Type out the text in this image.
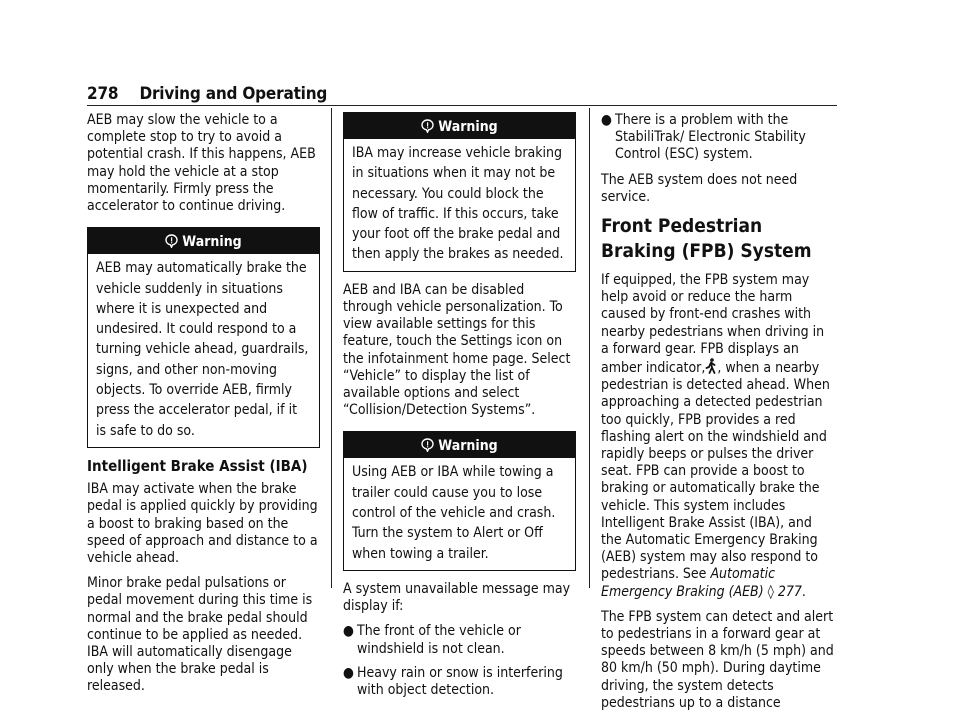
278 Driving and Operating

AEB may slow the vehicle to a complete stop to try to avoid a potential crash. If this happens, AEB may hold the vehicle at a stop momentarily. Firmly press the accelerator to continue driving.

Warning
AEB may automatically brake the vehicle suddenly in situations where it is unexpected and undesired. It could respond to a turning vehicle ahead, guardrails, signs, and other non-moving objects. To override AEB, firmly press the accelerator pedal, if it is safe to do so.
Intelligent Brake Assist (IBA)

IBA may activate when the brake pedal is applied quickly by providing a boost to braking based on the speed of approach and distance to a vehicle ahead.

Minor brake pedal pulsations or pedal movement during this time is normal and the brake pedal should continue to be applied as needed. IBA will automatically disengage only when the brake pedal is released.

Warning
IBA may increase vehicle braking in situations when it may not be necessary. You could block the flow of traffic. If this occurs, take your foot off the brake pedal and then apply the brakes as needed.

AEB and IBA can be disabled through vehicle personalization. To view available settings for this feature, touch the Settings icon on the infotainment home page. Select “Vehicle” to display the list of available options and select “Collision/Detection Systems”.

Warning
Using AEB or IBA while towing a trailer could cause you to lose control of the vehicle and crash. Turn the system to Alert or Off when towing a trailer.

A system unavailable message may display if:

● The front of the vehicle or windshield is not clean.
● Heavy rain or snow is interfering with object detection.
● There is a problem with the StabiliTrak/ Electronic Stability Control (ESC) system.

The AEB system does not need service.

Front Pedestrian Braking (FPB) System

If equipped, the FPB system may help avoid or reduce the harm caused by front-end crashes with nearby pedestrians when driving in a forward gear. FPB displays an amber indicator, , when a nearby pedestrian is detected ahead. When approaching a detected pedestrian too quickly, FPB provides a red flashing alert on the windshield and rapidly beeps or pulses the driver seat. FPB can provide a boost to braking or automatically brake the vehicle. This system includes Intelligent Brake Assist (IBA), and the Automatic Emergency Braking (AEB) system may also respond to pedestrians. See Automatic Emergency Braking (AEB) ◊ 277.

The FPB system can detect and alert to pedestrians in a forward gear at speeds between 8 km/h (5 mph) and 80 km/h (50 mph). During daytime driving, the system detects pedestrians up to a distance
